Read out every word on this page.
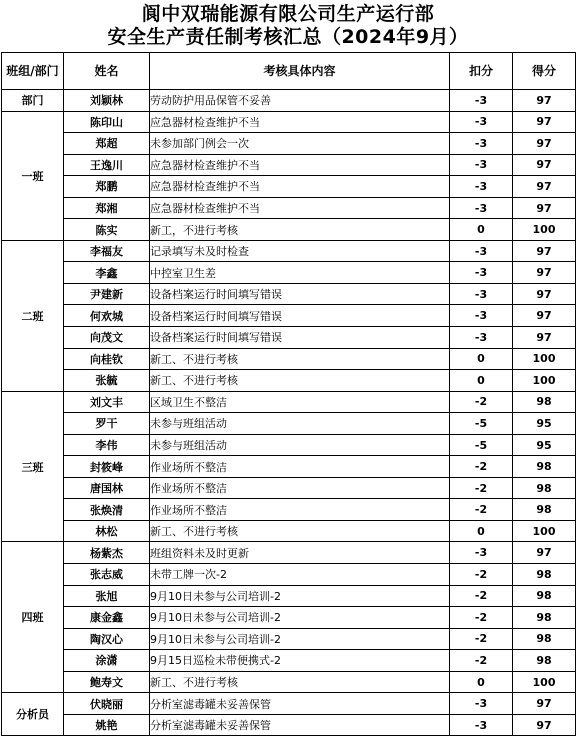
阆中双瑞能源有限公司生产运行部
安全生产责任制考核汇总（2024年9月）
班组/部门	姓名	考核具体内容	扣分	得分
部门	刘颖林	劳动防护用品保管不妥善	-3	97
一班	陈印山	应急器材检查维护不当	-3	97
	郑超	未参加部门例会一次	-3	97
	王逸川	应急器材检查维护不当	-3	97
	郑鹏	应急器材检查维护不当	-3	97
	郑湘	应急器材检查维护不当	-3	97
	陈实	新工，不进行考核	0	100
二班	李福友	记录填写未及时检查	-3	97
	李鑫	中控室卫生差	-3	97
	尹建新	设备档案运行时间填写错误	-3	97
	何欢城	设备档案运行时间填写错误	-3	97
	向茂文	设备档案运行时间填写错误	-3	97
	向桂钦	新工、不进行考核	0	100
	张毓	新工、不进行考核	0	100
三班	刘文丰	区域卫生不整洁	-2	98
	罗干	未参与班组活动	-5	95
	李伟	未参与班组活动	-5	95
	封筱峰	作业场所不整洁	-2	98
	唐国林	作业场所不整洁	-2	98
	张焕清	作业场所不整洁	-2	98
	林松	新工、不进行考核	0	100
四班	杨紫杰	班组资料未及时更新	-3	97
	张志威	未带工牌一次-2	-2	98
	张旭	9月10日未参与公司培训-2	-2	98
	康金鑫	9月10日未参与公司培训-2	-2	98
	陶汉心	9月10日未参与公司培训-2	-2	98
	涂潇	9月15日巡检未带便携式-2	-2	98
	鲍寿文	新工、不进行考核	0	100
分析员	伏晓丽	分析室滤毒罐未妥善保管	-3	97
	姚艳	分析室滤毒罐未妥善保管	-3	97
